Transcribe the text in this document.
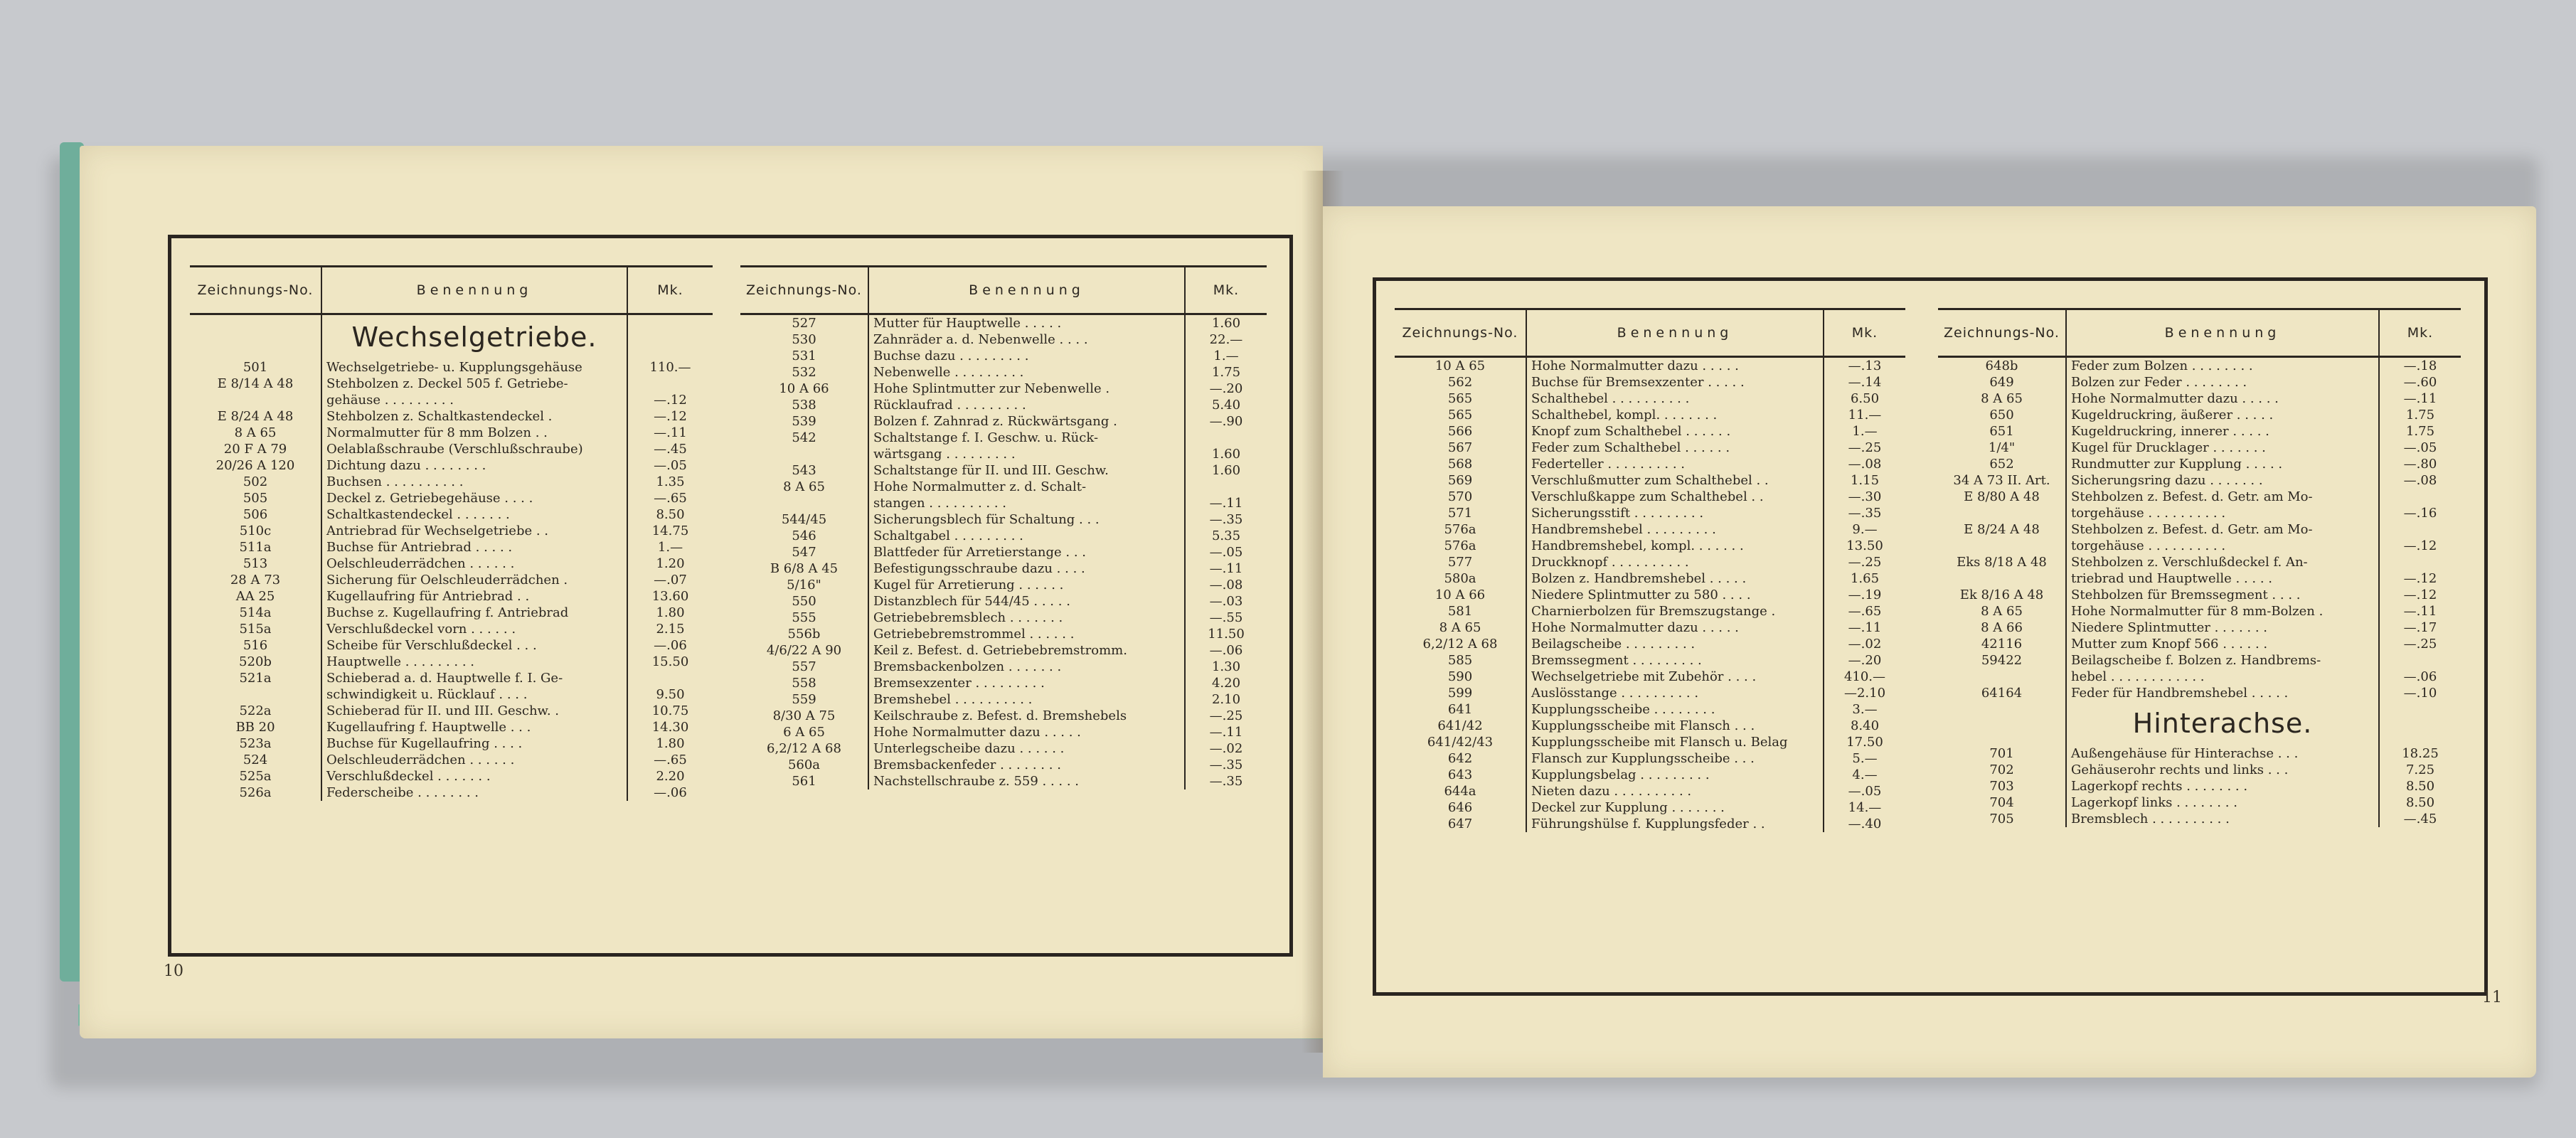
Zeichnungs-No.	Benennung	Mk.
	Wechselgetriebe.	
501	Wechselgetriebe- u. Kupplungsgehäuse	110.—
E 8/14 A 48	Stehbolzen z. Deckel 505 f. Getriebe-	
	gehäuse . . . . . . . . .	—.12
E 8/24 A 48	Stehbolzen z. Schaltkastendeckel .	—.12
8 A 65	Normalmutter für 8 mm Bolzen . .	—.11
20 F A 79	Oelablaßschraube (Verschlußschraube)	—.45
20/26 A 120	Dichtung dazu . . . . . . . .	—.05
502	Buchsen . . . . . . . . . .	1.35
505	Deckel z. Getriebegehäuse . . . .	—.65
506	Schaltkastendeckel . . . . . . .	8.50
510c	Antriebrad für Wechselgetriebe . .	14.75
511a	Buchse für Antriebrad . . . . .	1.—
513	Oelschleuderrädchen . . . . . .	1.20
28 A 73	Sicherung für Oelschleuderrädchen .	—.07
AA 25	Kugellaufring für Antriebrad . .	13.60
514a	Buchse z. Kugellaufring f. Antriebrad	1.80
515a	Verschlußdeckel vorn . . . . . .	2.15
516	Scheibe für Verschlußdeckel . . .	—.06
520b	Hauptwelle . . . . . . . . .	15.50
521a	Schieberad a. d. Hauptwelle f. I. Ge-	
	schwindigkeit u. Rücklauf . . . .	9.50
522a	Schieberad für II. und III. Geschw. .	10.75
BB 20	Kugellaufring f. Hauptwelle . . .	14.30
523a	Buchse für Kugellaufring . . . .	1.80
524	Oelschleuderrädchen . . . . . .	—.65
525a	Verschlußdeckel . . . . . . .	2.20
526a	Federscheibe . . . . . . . .	—.06
Zeichnungs-No.	Benennung	Mk.
527	Mutter für Hauptwelle . . . . .	1.60
530	Zahnräder a. d. Nebenwelle . . . .	22.—
531	Buchse dazu . . . . . . . . .	1.—
532	Nebenwelle . . . . . . . . .	1.75
10 A 66	Hohe Splintmutter zur Nebenwelle .	—.20
538	Rücklaufrad . . . . . . . . .	5.40
539	Bolzen f. Zahnrad z. Rückwärtsgang .	—.90
542	Schaltstange f. I. Geschw. u. Rück-	
	wärtsgang . . . . . . . . .	1.60
543	Schaltstange für II. und III. Geschw.	1.60
8 A 65	Hohe Normalmutter z. d. Schalt-	
	stangen . . . . . . . . . .	—.11
544/45	Sicherungsblech für Schaltung . . .	—.35
546	Schaltgabel . . . . . . . . .	5.35
547	Blattfeder für Arretierstange . . .	—.05
B 6/8 A 45	Befestigungsschraube dazu . . . .	—.11
5/16"	Kugel für Arretierung . . . . . .	—.08
550	Distanzblech für 544/45 . . . . .	—.03
555	Getriebebremsblech . . . . . . .	—.55
556b	Getriebebremstrommel . . . . . .	11.50
4/6/22 A 90	Keil z. Befest. d. Getriebebremstromm.	—.06
557	Bremsbackenbolzen . . . . . . .	1.30
558	Bremsexzenter . . . . . . . . .	4.20
559	Bremshebel . . . . . . . . . .	2.10
8/30 A 75	Keilschraube z. Befest. d. Bremshebels	—.25
6 A 65	Hohe Normalmutter dazu . . . . .	—.11
6,2/12 A 68	Unterlegscheibe dazu . . . . . .	—.02
560a	Bremsbackenfeder . . . . . . . .	—.35
561	Nachstellschraube z. 559 . . . . .	—.35
10
Zeichnungs-No.	Benennung	Mk.
10 A 65	Hohe Normalmutter dazu . . . . .	—.13
562	Buchse für Bremsexzenter . . . . .	—.14
565	Schalthebel . . . . . . . . . .	6.50
565	Schalthebel, kompl. . . . . . . .	11.—
566	Knopf zum Schalthebel . . . . . .	1.—
567	Feder zum Schalthebel . . . . . .	—.25
568	Federteller . . . . . . . . . .	—.08
569	Verschlußmutter zum Schalthebel . .	1.15
570	Verschlußkappe zum Schalthebel . .	—.30
571	Sicherungsstift . . . . . . . . .	—.35
576a	Handbremshebel . . . . . . . . .	9.—
576a	Handbremshebel, kompl. . . . . . .	13.50
577	Druckknopf . . . . . . . . . .	—.25
580a	Bolzen z. Handbremshebel . . . . .	1.65
10 A 66	Niedere Splintmutter zu 580 . . . .	—.19
581	Charnierbolzen für Bremszugstange .	—.65
8 A 65	Hohe Normalmutter dazu . . . . .	—.11
6,2/12 A 68	Beilagscheibe . . . . . . . . .	—.02
585	Bremssegment . . . . . . . . .	—.20
590	Wechselgetriebe mit Zubehör . . . .	410.—
599	Auslösstange . . . . . . . . . .	—2.10
641	Kupplungsscheibe . . . . . . . .	3.—
641/42	Kupplungsscheibe mit Flansch . . .	8.40
641/42/43	Kupplungsscheibe mit Flansch u. Belag	17.50
642	Flansch zur Kupplungsscheibe . . .	5.—
643	Kupplungsbelag . . . . . . . . .	4.—
644a	Nieten dazu . . . . . . . . . .	—.05
646	Deckel zur Kupplung . . . . . . .	14.—
647	Führungshülse f. Kupplungsfeder . .	—.40
Zeichnungs-No.	Benennung	Mk.
648b	Feder zum Bolzen . . . . . . . .	—.18
649	Bolzen zur Feder . . . . . . . .	—.60
8 A 65	Hohe Normalmutter dazu . . . . .	—.11
650	Kugeldruckring, äußerer . . . . .	1.75
651	Kugeldruckring, innerer . . . . .	1.75
1/4"	Kugel für Drucklager . . . . . . .	—.05
652	Rundmutter zur Kupplung . . . . .	—.80
34 A 73 II. Art.	Sicherungsring dazu . . . . . . .	—.08
E 8/80 A 48	Stehbolzen z. Befest. d. Getr. am Mo-	
	torgehäuse . . . . . . . . . .	—.16
E 8/24 A 48	Stehbolzen z. Befest. d. Getr. am Mo-	
	torgehäuse . . . . . . . . . .	—.12
Eks 8/18 A 48	Stehbolzen z. Verschlußdeckel f. An-	
	triebrad und Hauptwelle . . . . .	—.12
Ek 8/16 A 48	Stehbolzen für Bremssegment . . . .	—.12
8 A 65	Hohe Normalmutter für 8 mm-Bolzen .	—.11
8 A 66	Niedere Splintmutter . . . . . . .	—.17
42116	Mutter zum Knopf 566 . . . . . .	—.25
59422	Beilagscheibe f. Bolzen z. Handbrems-	
	hebel . . . . . . . . . . . .	—.06
64164	Feder für Handbremshebel . . . . .	—.10
	Hinterachse.	
701	Außengehäuse für Hinterachse . . .	18.25
702	Gehäuserohr rechts und links . . .	7.25
703	Lagerkopf rechts . . . . . . . .	8.50
704	Lagerkopf links . . . . . . . .	8.50
705	Bremsblech . . . . . . . . . .	—.45
11
